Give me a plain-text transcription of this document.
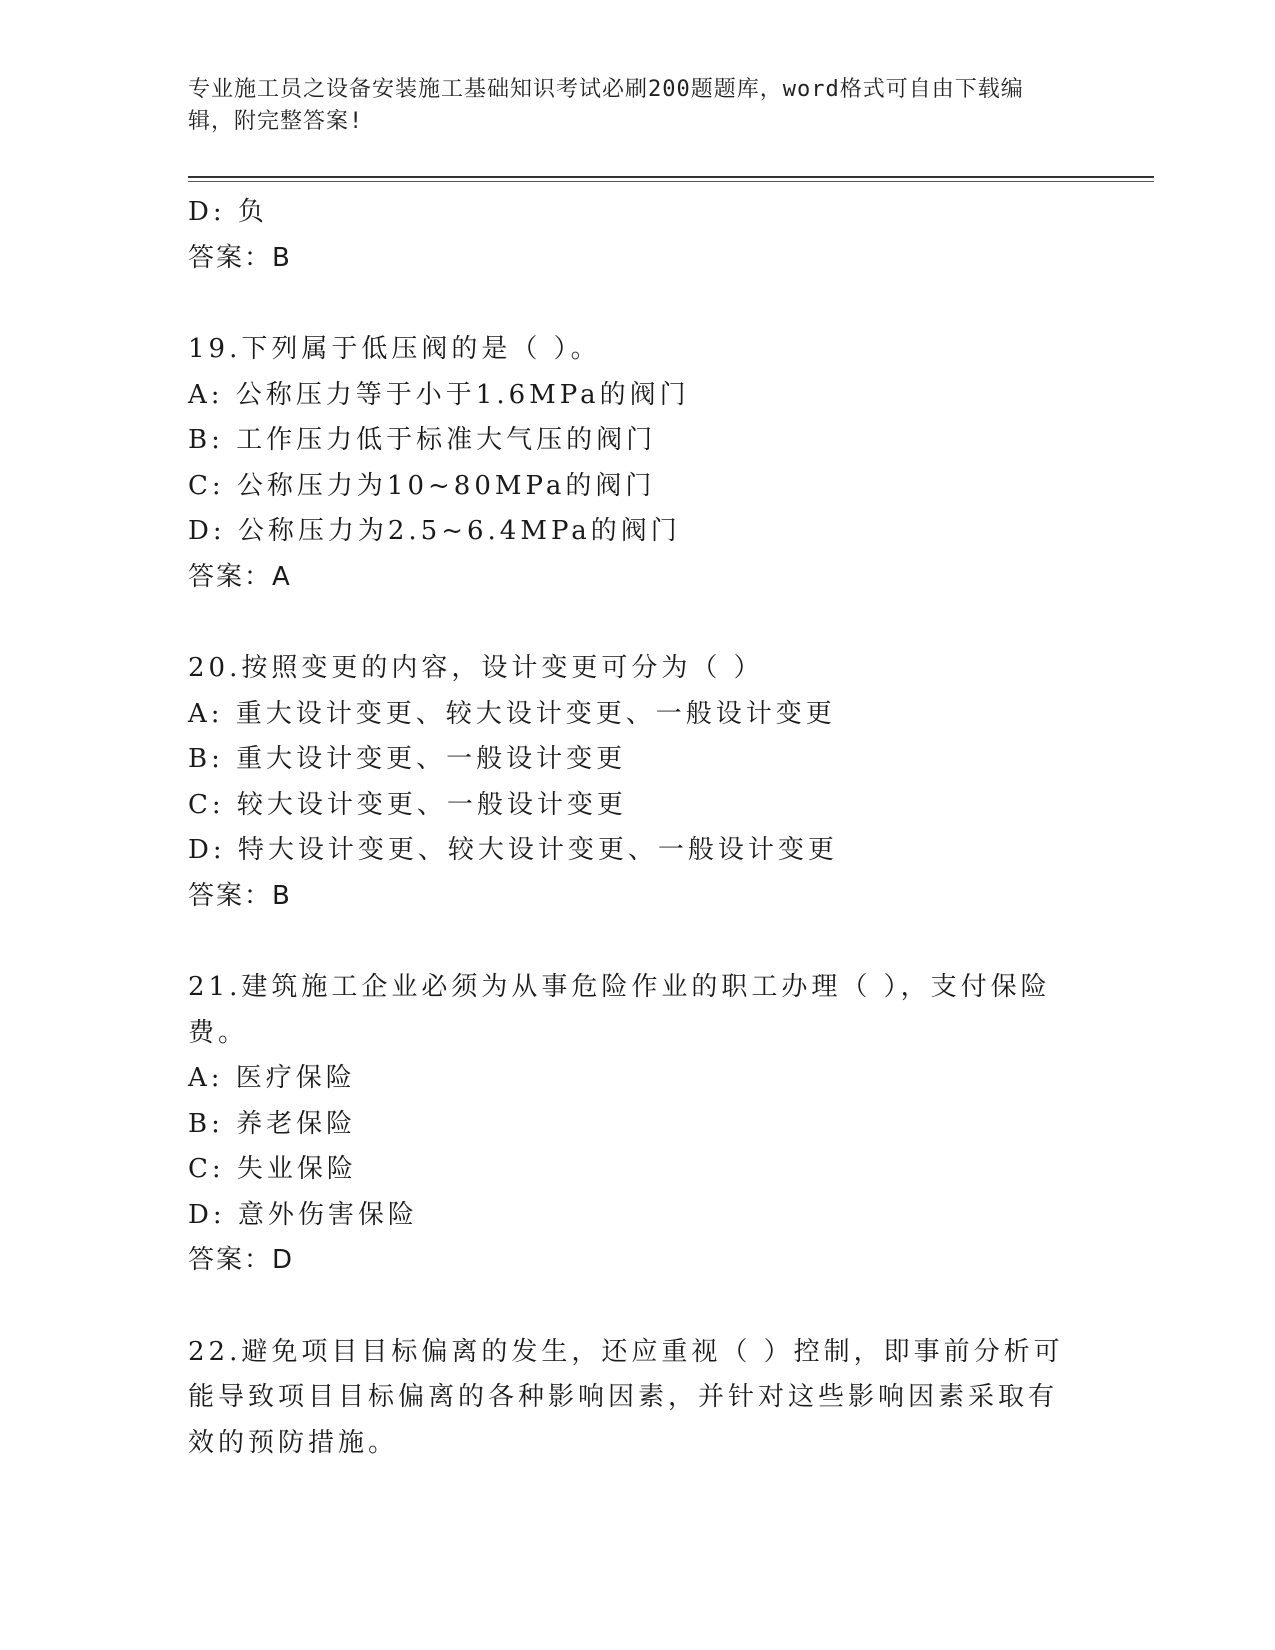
专业施工员之设备安装施工基础知识考试必刷200题题库，word格式可自由下载编辑，附完整答案!
D: 负
答案：B
19.下列属于低压阀的是（ ）。
A: 公称压力等于小于1.6MPa的阀门
B: 工作压力低于标准大气压的阀门
C: 公称压力为10~80MPa的阀门
D: 公称压力为2.5~6.4MPa的阀门
答案：A
20.按照变更的内容，设计变更可分为（ ）
A: 重大设计变更、较大设计变更、一般设计变更
B: 重大设计变更、一般设计变更
C: 较大设计变更、一般设计变更
D: 特大设计变更、较大设计变更、一般设计变更
答案：B
21.建筑施工企业必须为从事危险作业的职工办理（ ），支付保险费。
A: 医疗保险
B: 养老保险
C: 失业保险
D: 意外伤害保险
答案：D
22.避免项目目标偏离的发生，还应重视（ ）控制，即事前分析可能导致项目目标偏离的各种影响因素，并针对这些影响因素采取有效的预防措施。
